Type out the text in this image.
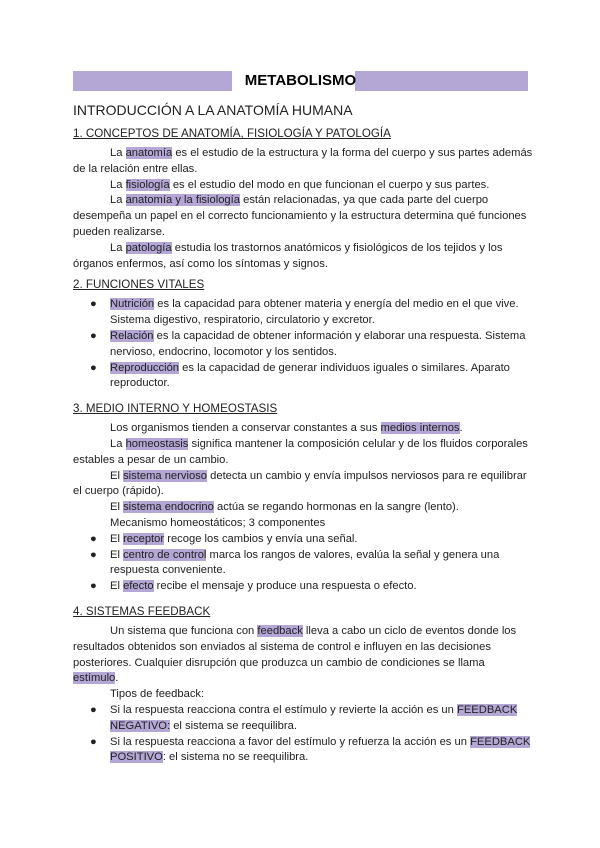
METABOLISMO
INTRODUCCIÓN A LA ANATOMÍA HUMANA
1. CONCEPTOS DE ANATOMÍA, FISIOLOGÍA Y PATOLOGÍA

La anatomía es el estudio de la estructura y la forma del cuerpo y sus partes además de la relación entre ellas.

La fisiología es el estudio del modo en que funcionan el cuerpo y sus partes.

La anatomía y la fisiología están relacionadas, ya que cada parte del cuerpo desempeña un papel en el correcto funcionamiento y la estructura determina qué funciones pueden realizarse.

La patología estudia los trastornos anatómicos y fisiológicos de los tejidos y los órganos enfermos, así como los síntomas y signos.

2. FUNCIONES VITALES
● Nutrición es la capacidad para obtener materia y energía del medio en el que vive. Sistema digestivo, respiratorio, circulatorio y excretor.
● Relación es la capacidad de obtener información y elaborar una respuesta. Sistema nervioso, endocrino, locomotor y los sentidos.
● Reproducción es la capacidad de generar individuos iguales o similares. Aparato reproductor.
3. MEDIO INTERNO Y HOMEOSTASIS

Los organismos tienden a conservar constantes a sus medios internos.

La homeostasis significa mantener la composición celular y de los fluidos corporales estables a pesar de un cambio.

El sistema nervioso detecta un cambio y envía impulsos nerviosos para re equilibrar el cuerpo (rápido).

El sistema endocrino actúa se regando hormonas en la sangre (lento).

Mecanismo homeostáticos; 3 componentes

● El receptor recoge los cambios y envía una señal.
● El centro de control marca los rangos de valores, evalúa la señal y genera una respuesta conveniente.
● El efecto recibe el mensaje y produce una respuesta o efecto.
4. SISTEMAS FEEDBACK

Un sistema que funciona con feedback lleva a cabo un ciclo de eventos donde los resultados obtenidos son enviados al sistema de control e influyen en las decisiones posteriores. Cualquier disrupción que produzca un cambio de condiciones se llama estímulo.

Tipos de feedback:

● Si la respuesta reacciona contra el estímulo y revierte la acción es un FEEDBACK NEGATIVO: el sistema se reequilibra.
● Si la respuesta reacciona a favor del estímulo y refuerza la acción es un FEEDBACK POSITIVO: el sistema no se reequilibra.
